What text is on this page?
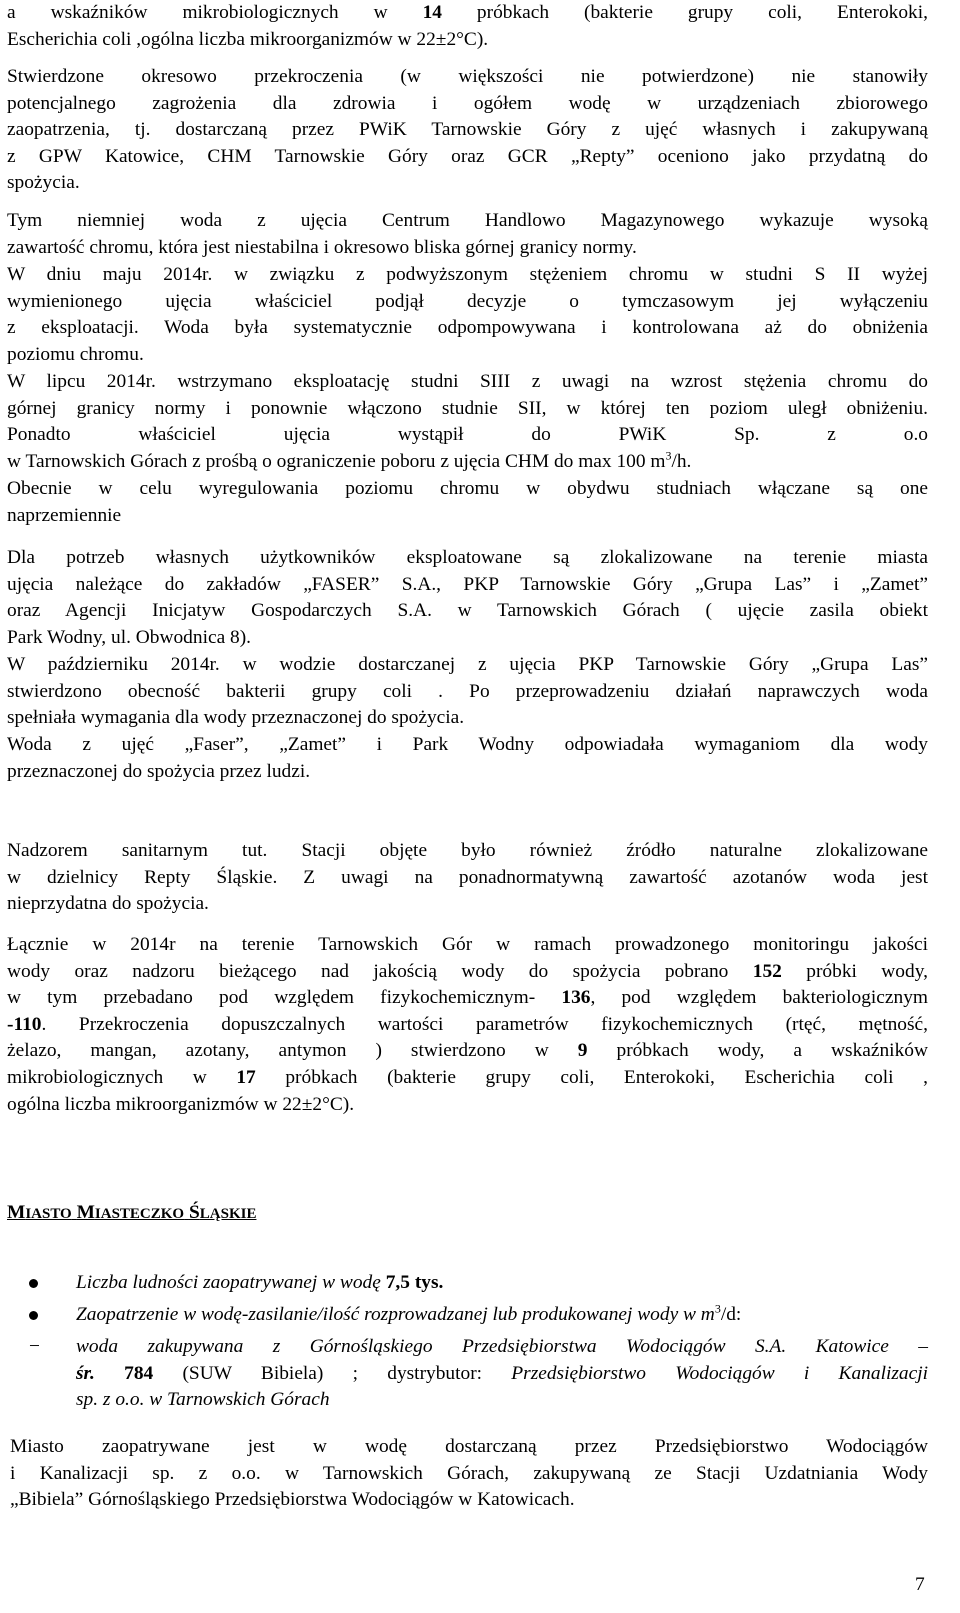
a wskaźników mikrobiologicznych w 14 próbkach (bakterie grupy coli, Enterokoki,
Escherichia coli ,ogólna liczba mikroorganizmów w 22±2°C).
Stwierdzone okresowo przekroczenia (w większości nie potwierdzone) nie stanowiły
potencjalnego zagrożenia dla zdrowia i ogółem wodę w urządzeniach zbiorowego
zaopatrzenia, tj. dostarczaną przez PWiK Tarnowskie Góry z ujęć własnych i zakupywaną
z GPW Katowice, CHM Tarnowskie Góry oraz GCR „Repty” oceniono jako przydatną do
spożycia.
Tym niemniej woda z ujęcia Centrum Handlowo Magazynowego wykazuje wysoką
zawartość chromu, która jest niestabilna i okresowo bliska górnej granicy normy.
W dniu maju 2014r. w związku z podwyższonym stężeniem chromu w studni S II wyżej
wymienionego ujęcia właściciel podjął decyzje o tymczasowym jej wyłączeniu
z eksploatacji. Woda była systematycznie odpompowywana i kontrolowana aż do obniżenia
poziomu chromu.
W lipcu 2014r. wstrzymano eksploatację studni SIII z uwagi na wzrost stężenia chromu do
górnej granicy normy i ponownie włączono studnie SII, w której ten poziom uległ obniżeniu.
Ponadto właściciel ujęcia wystąpił do PWiK Sp. z o.o
w Tarnowskich Górach z prośbą o ograniczenie poboru z ujęcia CHM do max 100 $m^3/h$.
Obecnie w celu wyregulowania poziomu chromu w obydwu studniach włączane są one
naprzemiennie
Dla potrzeb własnych użytkowników eksploatowane są zlokalizowane na terenie miasta
ujęcia należące do zakładów „FASER” S.A., PKP Tarnowskie Góry „Grupa Las” i „Zamet”
oraz Agencji Inicjatyw Gospodarczych S.A. w Tarnowskich Górach ( ujęcie zasila obiekt
Park Wodny, ul. Obwodnica 8).
W październiku 2014r. w wodzie dostarczanej z ujęcia PKP Tarnowskie Góry „Grupa Las”
stwierdzono obecność bakterii grupy coli . Po przeprowadzeniu działań naprawczych woda
spełniała wymagania dla wody przeznaczonej do spożycia.
Woda z ujęć „Faser”, „Zamet” i Park Wodny odpowiadała wymaganiom dla wody
przeznaczonej do spożycia przez ludzi.
Nadzorem sanitarnym tut. Stacji objęte było również źródło naturalne zlokalizowane
w dzielnicy Repty Śląskie. Z uwagi na ponadnormatywną zawartość azotanów woda jest
nieprzydatna do spożycia.
Łącznie w 2014r na terenie Tarnowskich Gór w ramach prowadzonego monitoringu jakości
wody oraz nadzoru bieżącego nad jakością wody do spożycia pobrano 152 próbki wody,
w tym przebadano pod względem fizykochemicznym- 136, pod względem bakteriologicznym
-110. Przekroczenia dopuszczalnych wartości parametrów fizykochemicznych (rtęć, mętność,
żelazo, mangan, azotany, antymon ) stwierdzono w 9 próbkach wody, a wskaźników
mikrobiologicznych w 17 próbkach (bakterie grupy coli, Enterokoki, Escherichia coli ,
ogólna liczba mikroorganizmów w 22±2°C).
MIASTO MIASTECZKO ŚLĄSKIE
Liczba ludności zaopatrywanej w wodę 7,5 tys.
Zaopatrzenie w wodę-zasilanie/ilość rozprowadzanej lub produkowanej wody w $m^3/d$:
− woda zakupywana z Górnośląskiego Przedsiębiorstwa Wodociągów S.A. Katowice –
śr. 784 (SUW Bibiela) ; dystrybutor: Przedsiębiorstwo Wodociągów i Kanalizacji
sp. z o.o. w Tarnowskich Górach
Miasto zaopatrywane jest w wodę dostarczaną przez Przedsiębiorstwo Wodociągów
i Kanalizacji sp. z o.o. w Tarnowskich Górach, zakupywaną ze Stacji Uzdatniania Wody
„Bibiela” Górnośląskiego Przedsiębiorstwa Wodociągów w Katowicach.
7
